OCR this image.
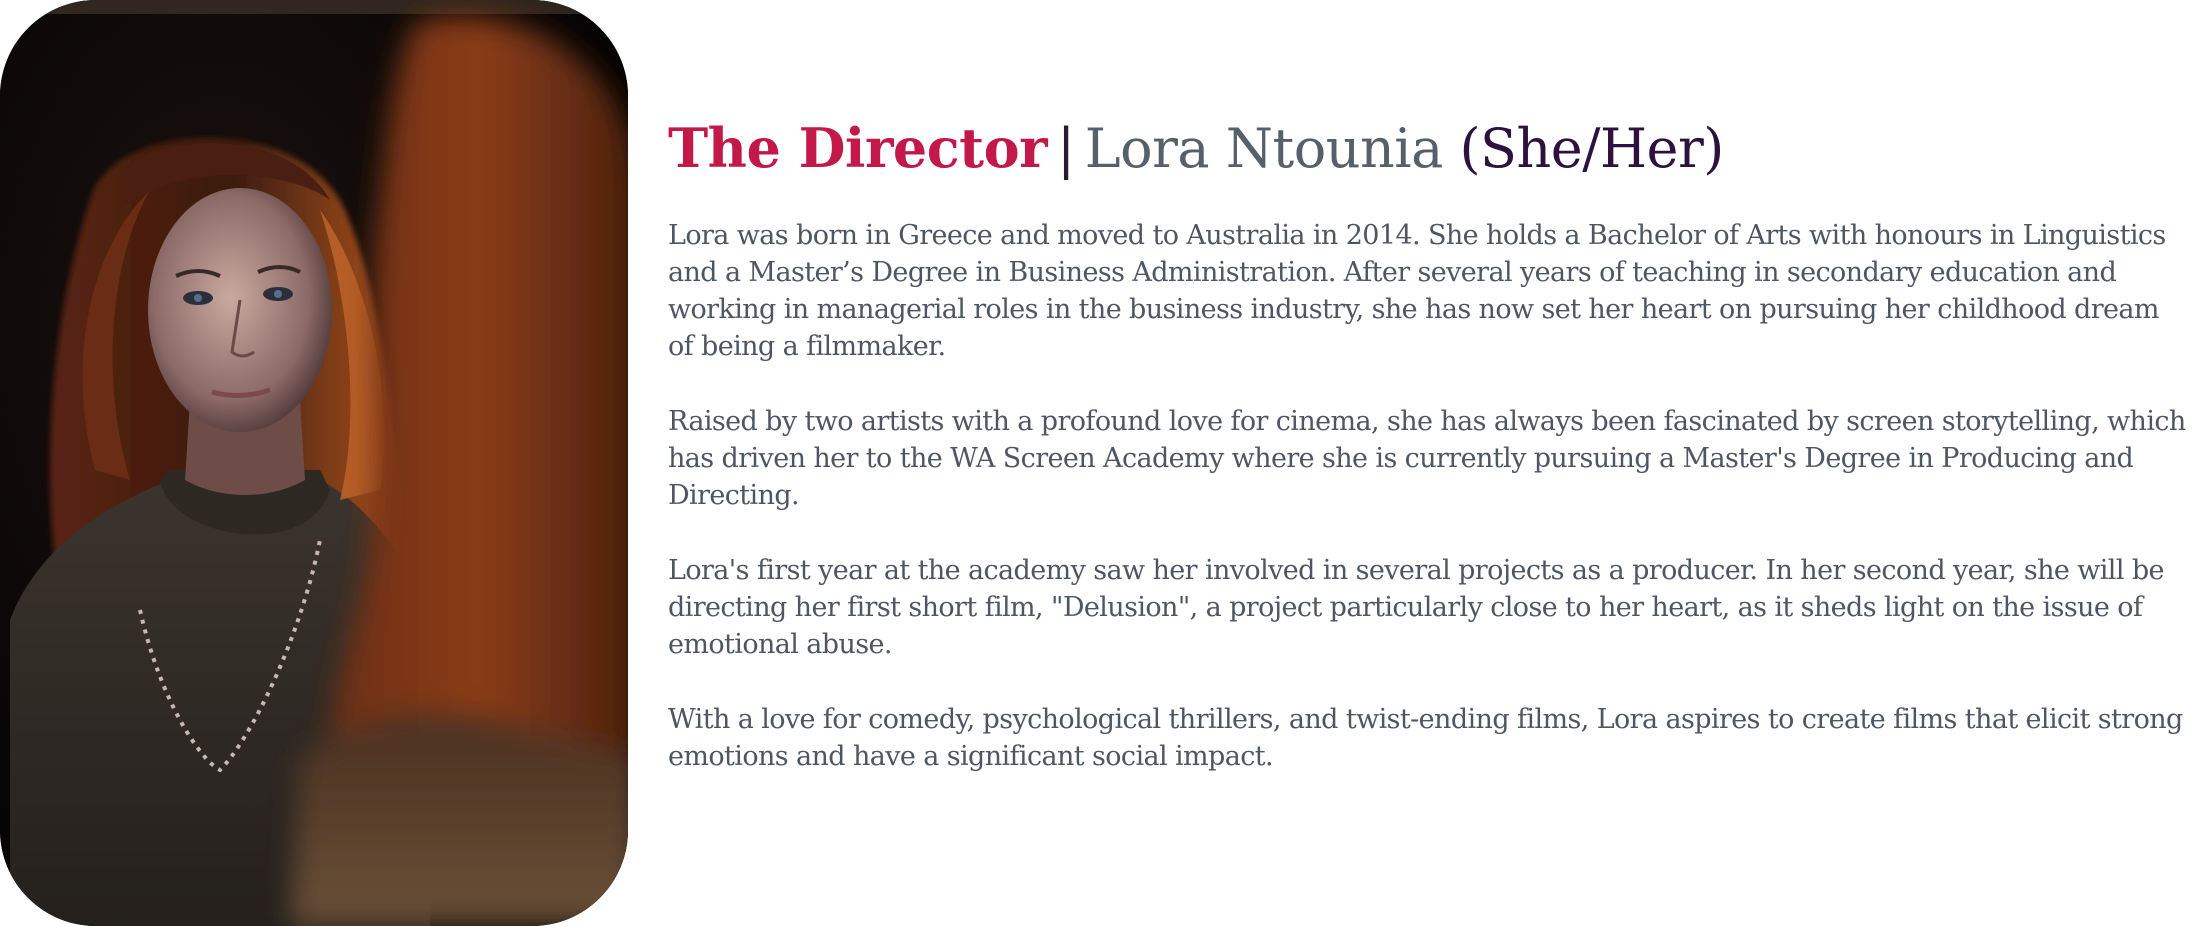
The Director | Lora Ntounia (She/Her)

Lora was born in Greece and moved to Australia in 2014. She holds a Bachelor of Arts with honours in Linguistics and a Master’s Degree in Business Administration. After several years of teaching in secondary education and working in managerial roles in the business industry, she has now set her heart on pursuing her childhood dream of being a filmmaker.

Raised by two artists with a profound love for cinema, she has always been fascinated by screen storytelling, which has driven her to the WA Screen Academy where she is currently pursuing a Master's Degree in Producing and Directing.

Lora's first year at the academy saw her involved in several projects as a producer. In her second year, she will be directing her first short film, "Delusion", a project particularly close to her heart, as it sheds light on the issue of emotional abuse.

With a love for comedy, psychological thrillers, and twist-ending films, Lora aspires to create films that elicit strong emotions and have a significant social impact.
